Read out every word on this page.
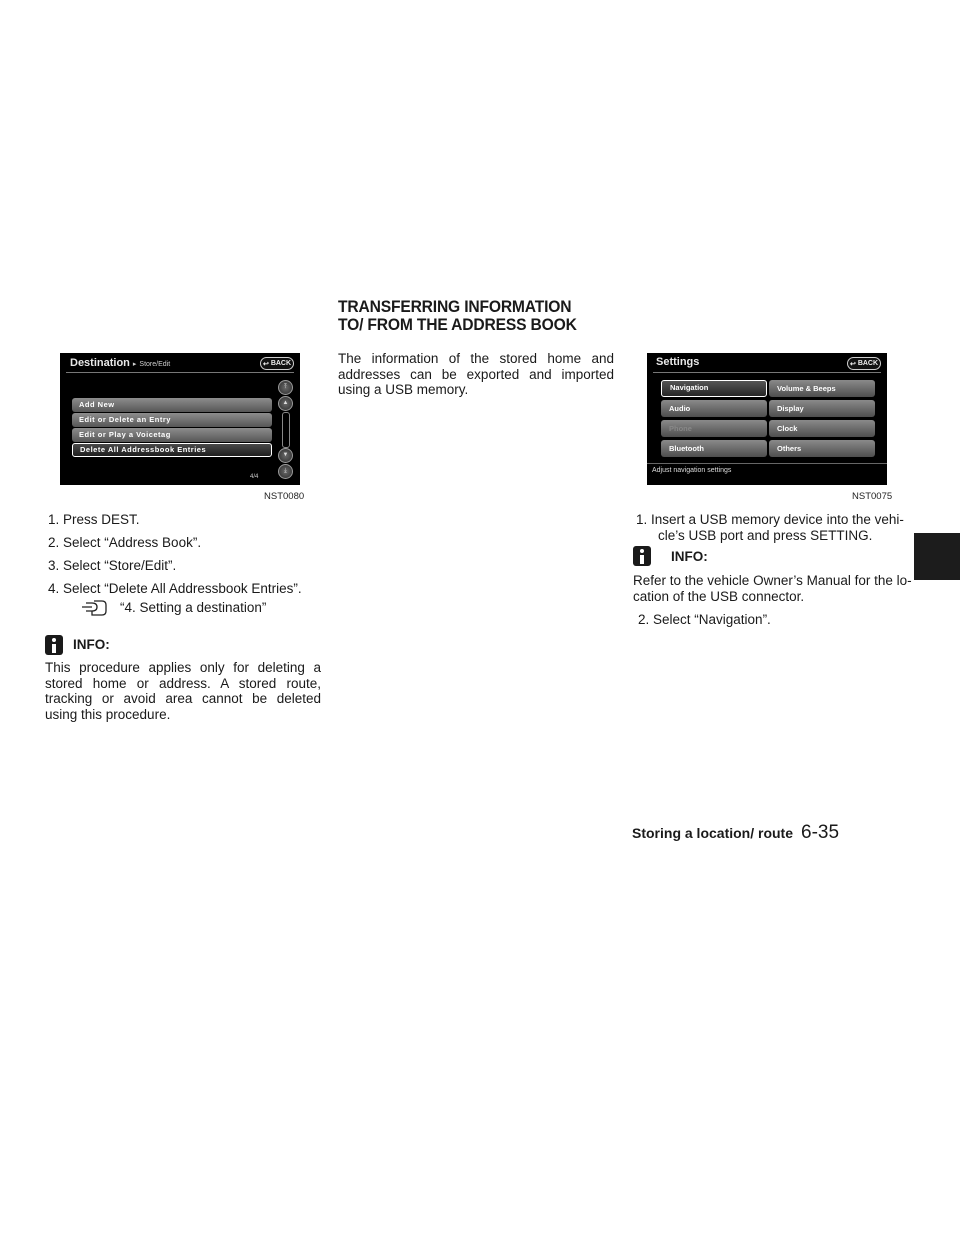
TRANSFERRING INFORMATION
TO/ FROM THE ADDRESS BOOK
Destination ▸ Store/Edit	↩ BACK
Add New
Edit or Delete an Entry
Edit or Play a Voicetag
Delete All Addressbook Entries
⤒
▲
▼
⤓
4/4
NST0080
1. Press DEST.
2. Select “Address Book”.
3. Select “Store/Edit”.
4. Select “Delete All Addressbook Entries”.
“4. Setting a destination”
INFO:
This procedure applies only for deleting a stored home or address. A stored route, tracking or avoid area cannot be deleted using this procedure.
The information of the stored home and addresses can be exported and imported using a USB memory.
Settings	↩ BACK
Navigation
Audio
Phone
Bluetooth
Volume & Beeps
Display
Clock
Others
Adjust navigation settings
NST0075
1. Insert a USB memory device into the vehi-
cle’s USB port and press SETTING.
INFO:
Refer to the vehicle Owner’s Manual for the lo-
cation of the USB connector.
2. Select “Navigation”.
Storing a location/ route 6-35
